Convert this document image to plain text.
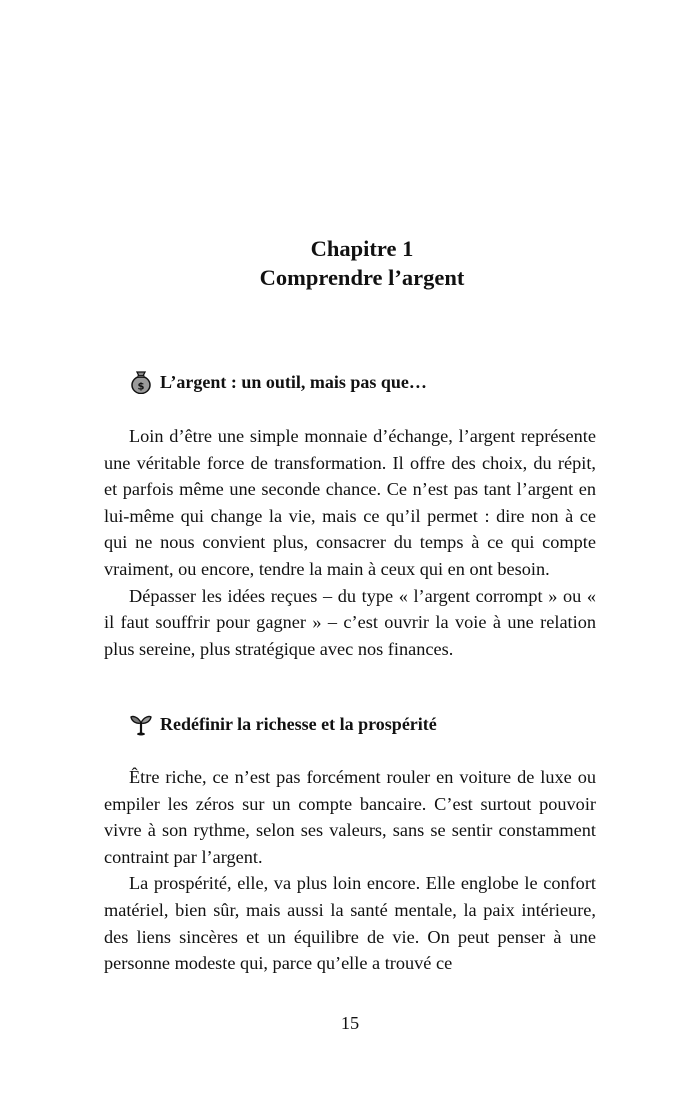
Chapitre 1
Comprendre l’argent
$ L’argent : un outil, mais pas que…

Loin d’être une simple monnaie d’échange, l’argent représente une véritable force de transformation. Il offre des choix, du répit, et parfois même une seconde chance. Ce n’est pas tant l’argent en lui-même qui change la vie, mais ce qu’il permet : dire non à ce qui ne nous convient plus, consacrer du temps à ce qui compte vraiment, ou encore, tendre la main à ceux qui en ont besoin.

Dépasser les idées reçues – du type « l’argent corrompt » ou « il faut souffrir pour gagner » – c’est ouvrir la voie à une relation plus sereine, plus stratégique avec nos finances.

Redéfinir la richesse et la prospérité

Être riche, ce n’est pas forcément rouler en voiture de luxe ou empiler les zéros sur un compte bancaire. C’est surtout pouvoir vivre à son rythme, selon ses valeurs, sans se sentir constamment contraint par l’argent.

La prospérité, elle, va plus loin encore. Elle englobe le confort matériel, bien sûr, mais aussi la santé mentale, la paix intérieure, des liens sincères et un équilibre de vie. On peut penser à une personne modeste qui, parce qu’elle a trouvé ce

15
